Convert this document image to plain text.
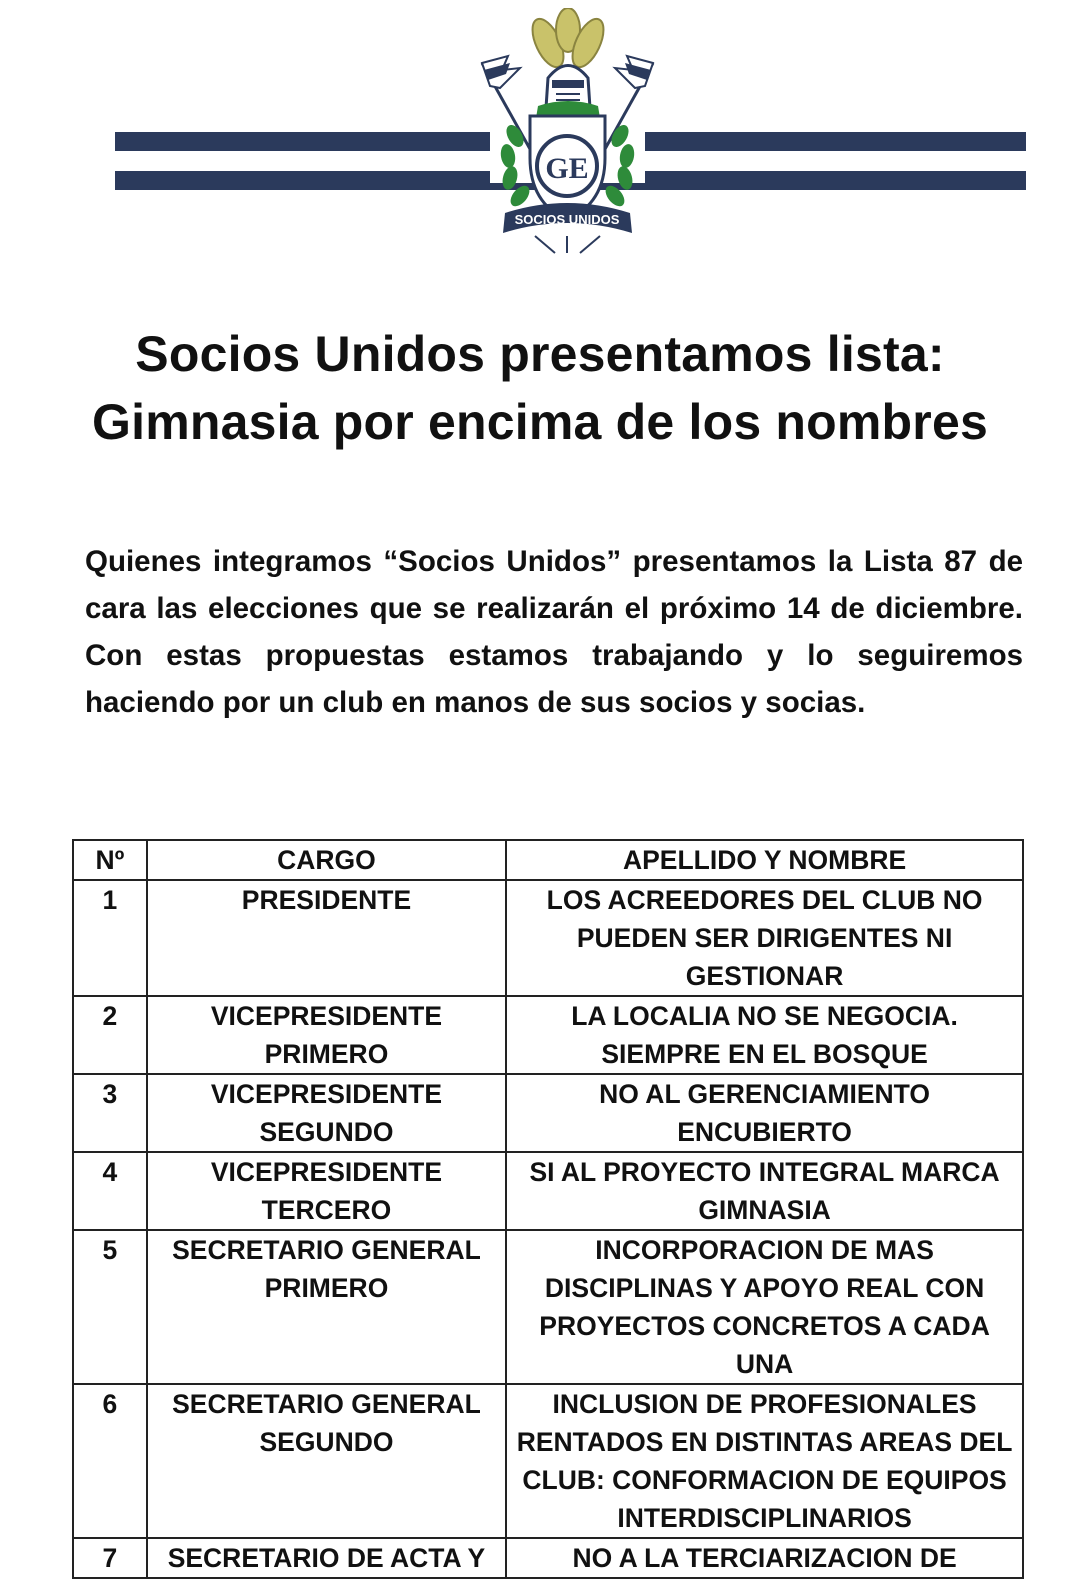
GE
SOCIOS UNIDOS
Socios Unidos presentamos lista:
Gimnasia por encima de los nombres

Quienes integramos “Socios Unidos” presentamos la Lista 87 de cara las elecciones que se realizarán el próximo 14 de diciembre. Con estas propuestas estamos trabajando y lo seguiremos haciendo por un club en manos de sus socios y socias.

Nº	CARGO	APELLIDO Y NOMBRE
1	PRESIDENTE	LOS ACREEDORES DEL CLUB NO PUEDEN SER DIRIGENTES NI GESTIONAR
2	VICEPRESIDENTE PRIMERO	LA LOCALIA NO SE NEGOCIA. SIEMPRE EN EL BOSQUE
3	VICEPRESIDENTE SEGUNDO	NO AL GERENCIAMIENTO ENCUBIERTO
4	VICEPRESIDENTE TERCERO	SI AL PROYECTO INTEGRAL MARCA GIMNASIA
5	SECRETARIO GENERAL PRIMERO	INCORPORACION DE MAS DISCIPLINAS Y APOYO REAL CON PROYECTOS CONCRETOS A CADA UNA
6	SECRETARIO GENERAL SEGUNDO	INCLUSION DE PROFESIONALES RENTADOS EN DISTINTAS AREAS DEL CLUB: CONFORMACION DE EQUIPOS INTERDISCIPLINARIOS
7	SECRETARIO DE ACTA Y	NO A LA TERCIARIZACION DE
